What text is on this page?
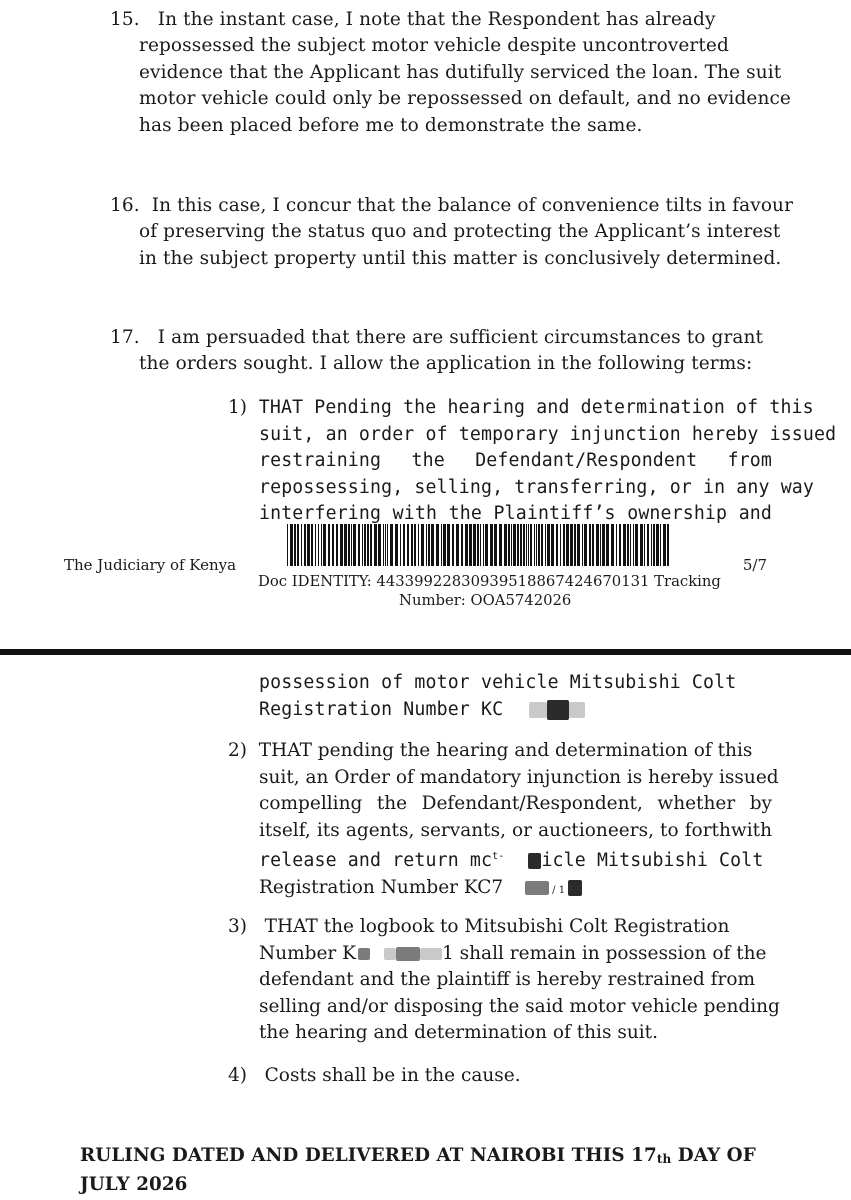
15. In the instant case, I note that the Respondent has already
repossessed the subject motor vehicle despite uncontroverted
evidence that the Applicant has dutifully serviced the loan. The suit
motor vehicle could only be repossessed on default, and no evidence
has been placed before me to demonstrate the same.
16. In this case, I concur that the balance of convenience tilts in favour
of preserving the status quo and protecting the Applicant’s interest
in the subject property until this matter is conclusively determined.
17. I am persuaded that there are sufficient circumstances to grant
the orders sought. I allow the application in the following terms:
1) THAT Pending the hearing and determination of this
suit, an order of temporary injunction hereby issued
restraining the Defendant/Respondent from
repossessing, selling, transferring, or in any way
interfering with the Plaintiff’s ownership and
The Judiciary of Kenya	5/7
Doc IDENTITY: 44339922830939518867424670131 Tracking
Number: OOA5742026
possession of motor vehicle Mitsubishi Colt
Registration Number KC
2) THAT pending the hearing and determination of this
suit, an Order of mandatory injunction is hereby issued
compelling the Defendant/Respondent, whether by
itself, its agents, servants, or auctioneers, to forthwith
release and return $mc^{t-}$ icle Mitsubishi Colt
Registration Number KC7	/ 1
3) THAT the logbook to Mitsubishi Colt Registration
Number K	1 shall remain in possession of the
defendant and the plaintiff is hereby restrained from
selling and/or disposing the said motor vehicle pending
the hearing and determination of this suit.
4) Costs shall be in the cause.
RULING DATED AND DELIVERED AT NAIROBI THIS $17_{th}$ DAY OF
JULY 2026
